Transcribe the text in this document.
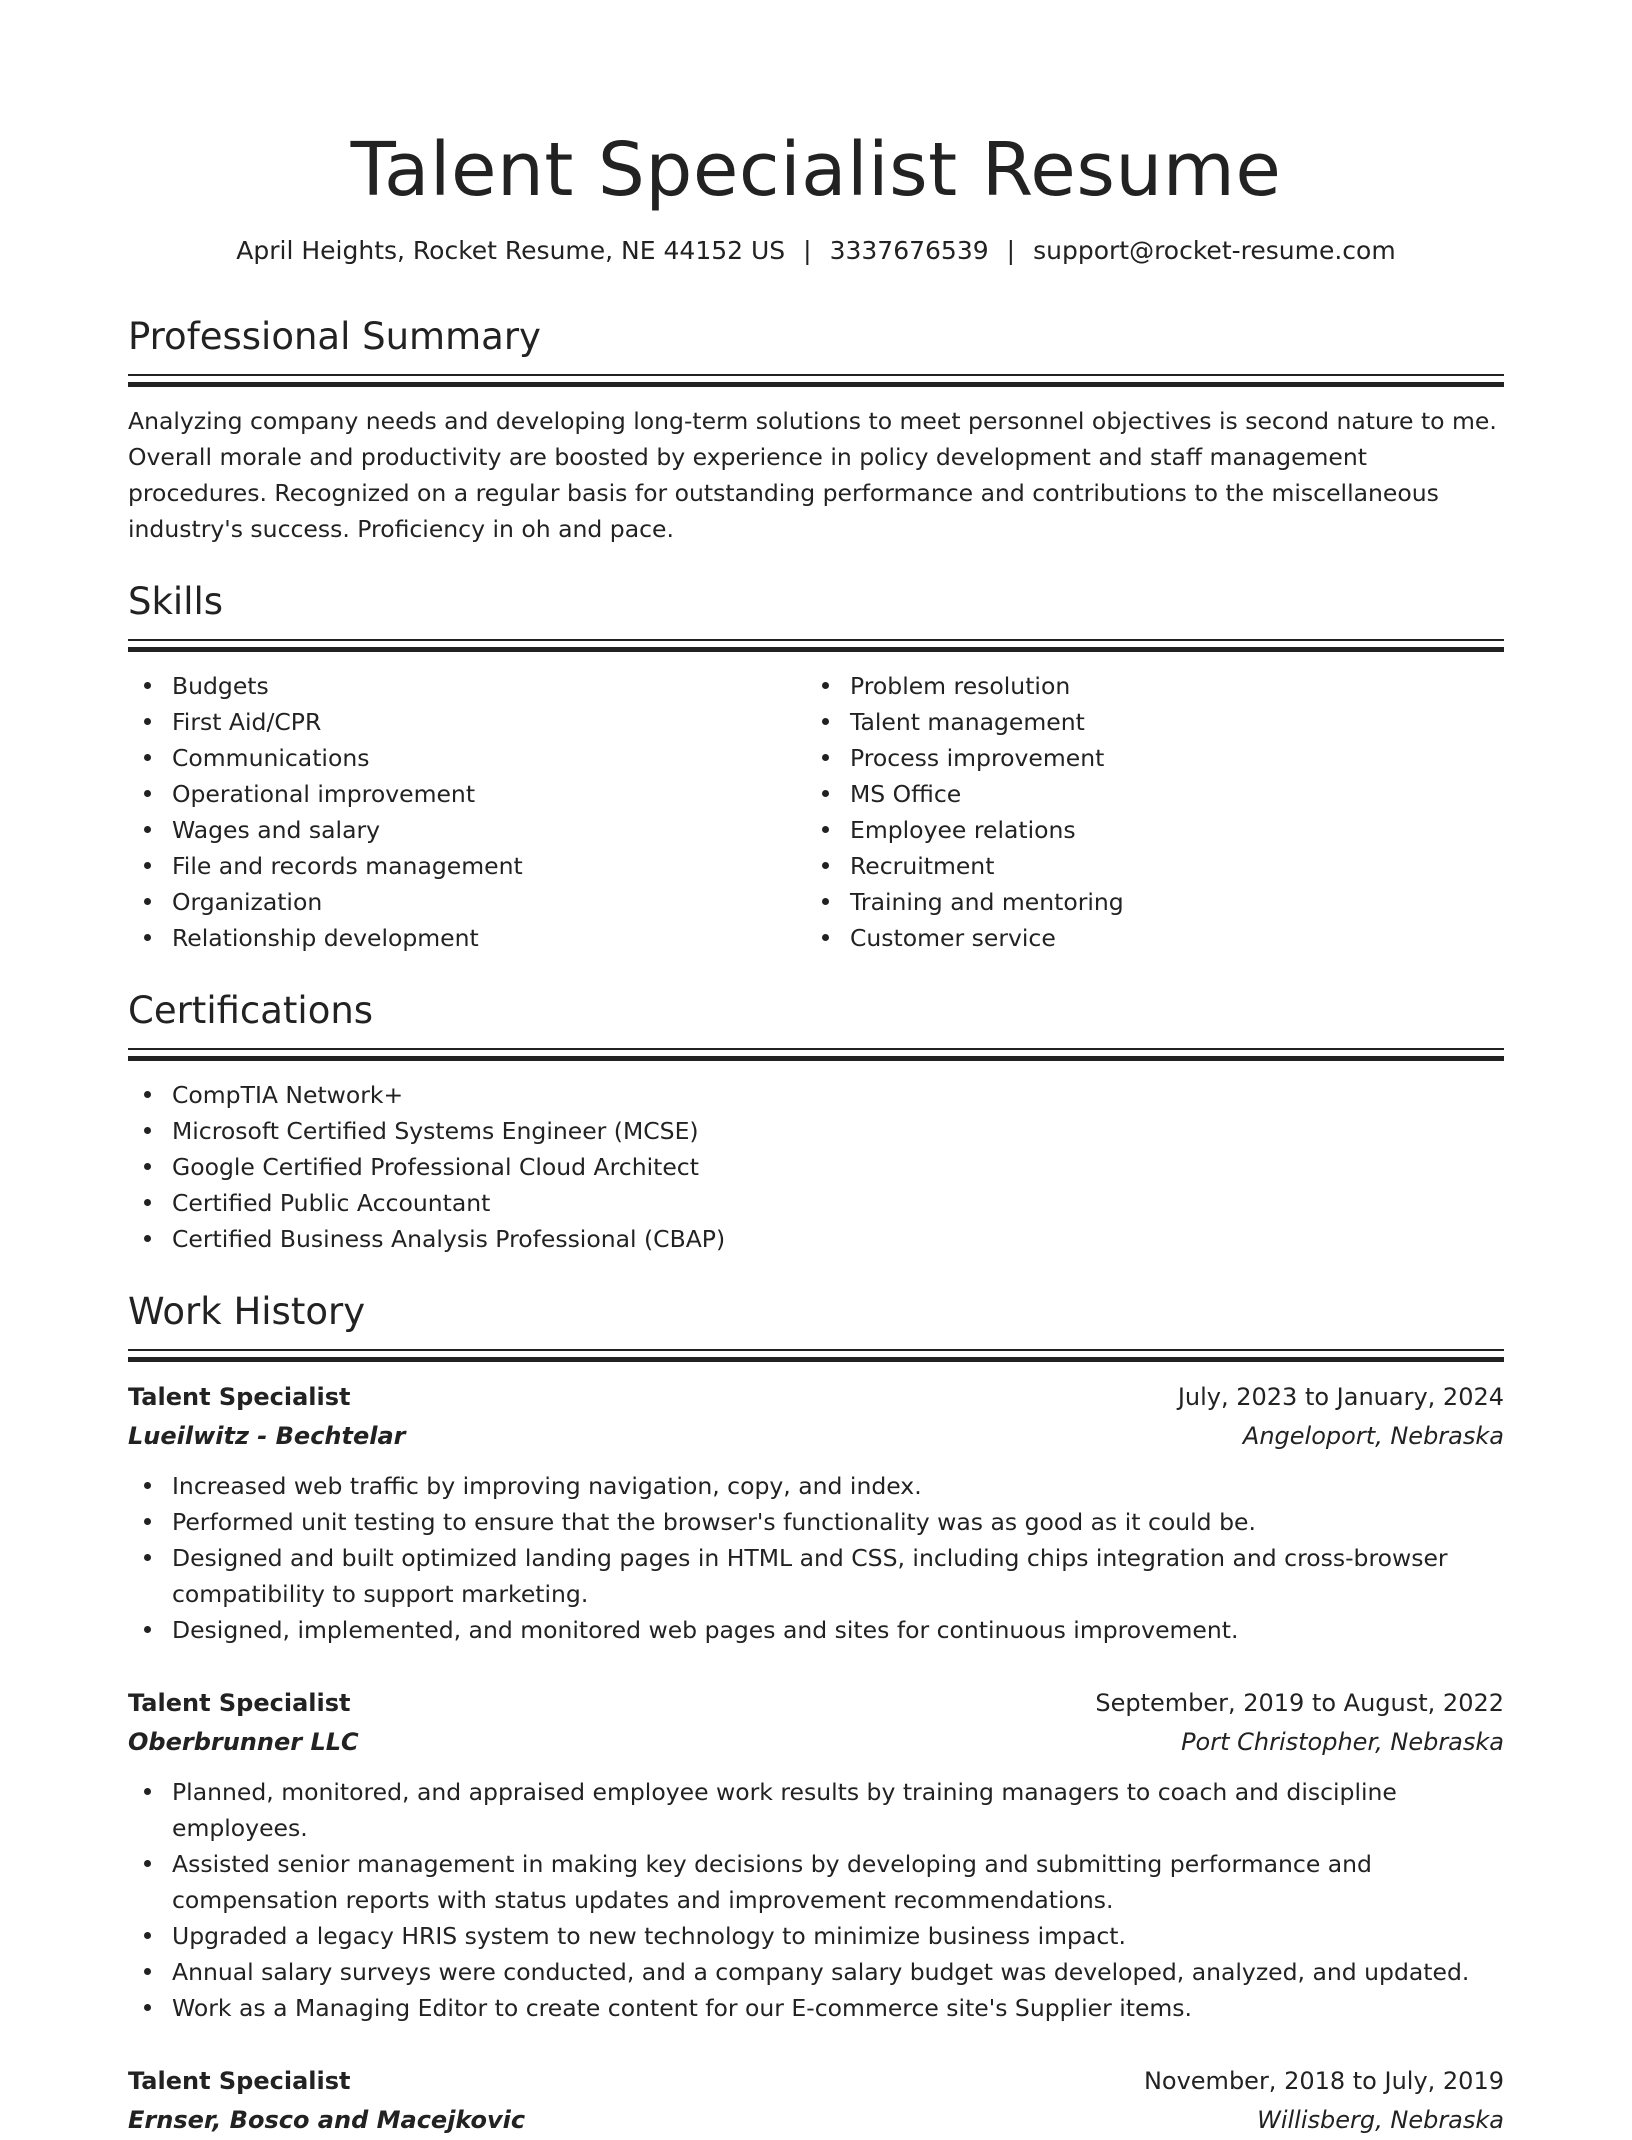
Talent Specialist Resume
April Heights, Rocket Resume, NE 44152 US | 3337676539 | support@rocket-resume.com
Professional Summary

Analyzing company needs and developing long-term solutions to meet personnel objectives is second nature to me. Overall morale and productivity are boosted by experience in policy development and staff management procedures. Recognized on a regular basis for outstanding performance and contributions to the miscellaneous industry's success. Proficiency in oh and pace.

Skills
Budgets
First Aid/CPR
Communications
Operational improvement
Wages and salary
File and records management
Organization
Relationship development
Problem resolution
Talent management
Process improvement
MS Office
Employee relations
Recruitment
Training and mentoring
Customer service
Certifications
CompTIA Network+
Microsoft Certified Systems Engineer (MCSE)
Google Certified Professional Cloud Architect
Certified Public Accountant
Certified Business Analysis Professional (CBAP)
Work History
Talent Specialist	July, 2023 to January, 2024
Lueilwitz - Bechtelar	Angeloport, Nebraska
Increased web traffic by improving navigation, copy, and index.
Performed unit testing to ensure that the browser's functionality was as good as it could be.
Designed and built optimized landing pages in HTML and CSS, including chips integration and cross-browser compatibility to support marketing.
Designed, implemented, and monitored web pages and sites for continuous improvement.
Talent Specialist	September, 2019 to August, 2022
Oberbrunner LLC	Port Christopher, Nebraska
Planned, monitored, and appraised employee work results by training managers to coach and discipline employees.
Assisted senior management in making key decisions by developing and submitting performance and compensation reports with status updates and improvement recommendations.
Upgraded a legacy HRIS system to new technology to minimize business impact.
Annual salary surveys were conducted, and a company salary budget was developed, analyzed, and updated.
Work as a Managing Editor to create content for our E-commerce site's Supplier items.
Talent Specialist	November, 2018 to July, 2019
Ernser, Bosco and Macejkovic	Willisberg, Nebraska
